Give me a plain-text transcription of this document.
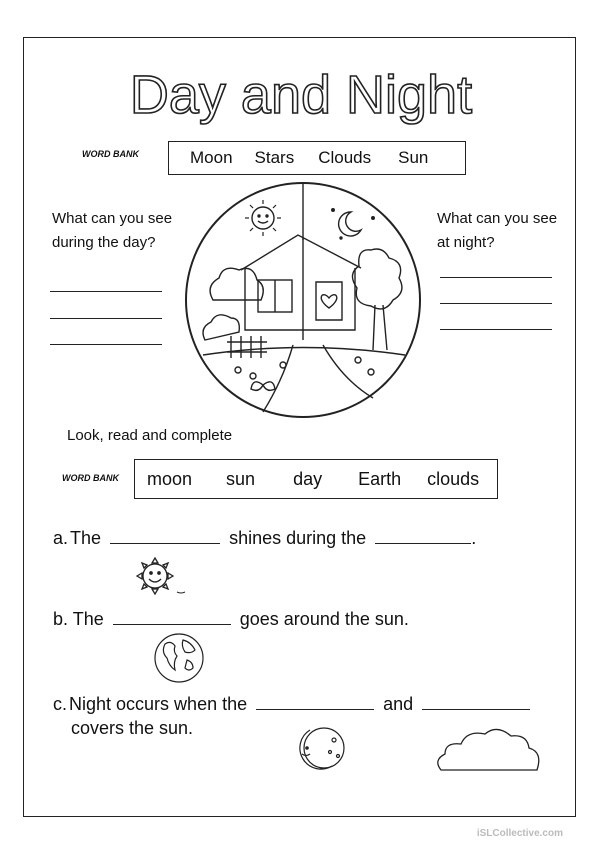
Day and Night
WORD BANK	Moon Stars Clouds Sun
What can you see
during the day?
What can you see
at night?
Look, read and complete
WORD BANK moon sun day Earth clouds
a. The	shines during the	.
b. The	goes around the sun.
c. Night occurs when the	and
covers the sun.
iSLCollective.com
